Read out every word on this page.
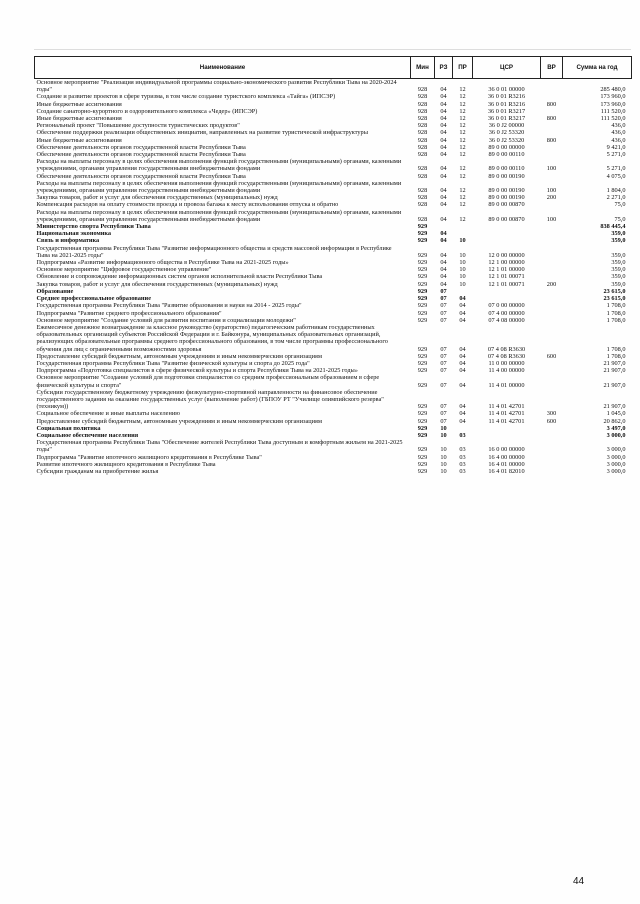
Наименование	Мин	РЗ	ПР	ЦСР	ВР	Сумма на год
Основное мероприятие "Реализация индивидуальной программы социально-экономического развития Республики Тыва на 2020-2024 годы"	928	04	12	36 0 01 00000		285 480,0
Создание и развитие проектов в сфере туризма, в том числе создание туристского комплекса «Тайга» (ИПСЭР)	928	04	12	36 0 01 R3216		173 960,0
Иные бюджетные ассигнования	928	04	12	36 0 01 R3216	800	173 960,0
Создание санаторно-курортного и оздоровительного комплекса «Чедер» (ИПСЭР)	928	04	12	36 0 01 R3217		111 520,0
Иные бюджетные ассигнования	928	04	12	36 0 01 R3217	800	111 520,0
Региональный проект "Повышение доступности туристических продуктов"	928	04	12	36 0 J2 00000		436,0
Обеспечение поддержки реализации общественных инициатив, направленных на развитие туристической инфраструктуры	928	04	12	36 0 J2 53320		436,0
Иные бюджетные ассигнования	928	04	12	36 0 J2 53320	800	436,0
Обеспечение деятельности органов государственной власти Республики Тыва	928	04	12	89 0 00 00000		9 421,0
Обеспечение деятельности органов государственной власти Республики Тыва	928	04	12	89 0 00 00110		5 271,0
Расходы на выплаты персоналу в целях обеспечения выполнения функций государственными (муниципальными) органами, казенными учреждениями, органами управления государственными внебюджетными фондами	928	04	12	89 0 00 00110	100	5 271,0
Обеспечение деятельности органов государственной власти Республики Тыва	928	04	12	89 0 00 00190		4 075,0
Расходы на выплаты персоналу в целях обеспечения выполнения функций государственными (муниципальными) органами, казенными учреждениями, органами управления государственными внебюджетными фондами	928	04	12	89 0 00 00190	100	1 804,0
Закупка товаров, работ и услуг для обеспечения государственных (муниципальных) нужд	928	04	12	89 0 00 00190	200	2 271,0
Компенсация расходов на оплату стоимости проезда и провоза багажа к месту использования отпуска и обратно	928	04	12	89 0 00 00870		75,0
Расходы на выплаты персоналу в целях обеспечения выполнения функций государственными (муниципальными) органами, казенными учреждениями, органами управления государственными внебюджетными фондами	928	04	12	89 0 00 00870	100	75,0
Министерство спорта Республики Тыва	929					838 445,4
Национальная экономика	929	04				359,0
Связь и информатика	929	04	10			359,0
Государственная программа Республики Тыва "Развитие информационного общества и средств массовой информации в Республике Тыва на 2021-2025 годы"	929	04	10	12 0 00 00000		359,0
Подпрограмма «Развитие информационного общества в Республике Тыва на 2021-2025 годы»	929	04	10	12 1 00 00000		359,0
Основное мероприятие "Цифровое государственное управление"	929	04	10	12 1 01 00000		359,0
Обновление и сопровождение информационных систем органов исполнительной власти Республики Тыва	929	04	10	12 1 01 00071		359,0
Закупка товаров, работ и услуг для обеспечения государственных (муниципальных) нужд	929	04	10	12 1 01 00071	200	359,0
Образование	929	07				23 615,0
Среднее профессиональное образование	929	07	04			23 615,0
Государственная программа Республики Тыва "Развитие образования и науки на 2014 - 2025 годы"	929	07	04	07 0 00 00000		1 708,0
Подпрограмма "Развитие среднего профессионального образования"	929	07	04	07 4 00 00000		1 708,0
Основное мероприятие "Создание условий для развития воспитания и социализации молодежи"	929	07	04	07 4 08 00000		1 708,0
Ежемесячное денежное вознаграждение за классное руководство (кураторство) педагогическим работникам государственных образовательных организаций субъектов Российской Федерации и г. Байконура, муниципальных образовательных организаций, реализующих образовательные программы среднего профессионального образования, в том числе программы профессионального обучения для лиц с ограниченными возможностями здоровья	929	07	04	07 4 08 R3630		1 708,0
Предоставление субсидий бюджетным, автономным учреждениям и иным некоммерческим организациям	929	07	04	07 4 08 R3630	600	1 708,0
Государственная программа Республики Тыва "Развитие физической культуры и спорта до 2025 года"	929	07	04	11 0 00 00000		21 907,0
Подпрограмма «Подготовка специалистов в сфере физической культуры и спорта Республики Тыва на 2021-2025 годы»	929	07	04	11 4 00 00000		21 907,0
Основное мероприятие "Создание условий для подготовки специалистов со средним профессиональным образованием в сфере физической культуры и спорта"	929	07	04	11 4 01 00000		21 907,0
Субсидии государственному бюджетному учреждению физкультурно-спортивной направленности на финансовое обеспечение государственного задания на оказание государственных услуг (выполнение работ) (ГБПОУ РТ "Училище олимпийского резерва" (техникум))	929	07	04	11 4 01 42701		21 907,0
Социальное обеспечение и иные выплаты населению	929	07	04	11 4 01 42701	300	1 045,0
Предоставление субсидий бюджетным, автономным учреждениям и иным некоммерческим организациям	929	07	04	11 4 01 42701	600	20 862,0
Социальная политика	929	10				3 497,0
Социальное обеспечение населения	929	10	03			3 000,0
Государственная программа Республики Тыва "Обеспечение жителей Республики Тыва доступным и комфортным жильем на 2021-2025 годы"	929	10	03	16 0 00 00000		3 000,0
Подпрограмма "Развитие ипотечного жилищного кредитования в Республике Тыва"	929	10	03	16 4 00 00000		3 000,0
Развитие ипотечного жилищного кредитования в Республике Тыва	929	10	03	16 4 01 00000		3 000,0
Субсидии гражданам на приобретение жилья	929	10	03	16 4 01 82010		3 000,0
44
